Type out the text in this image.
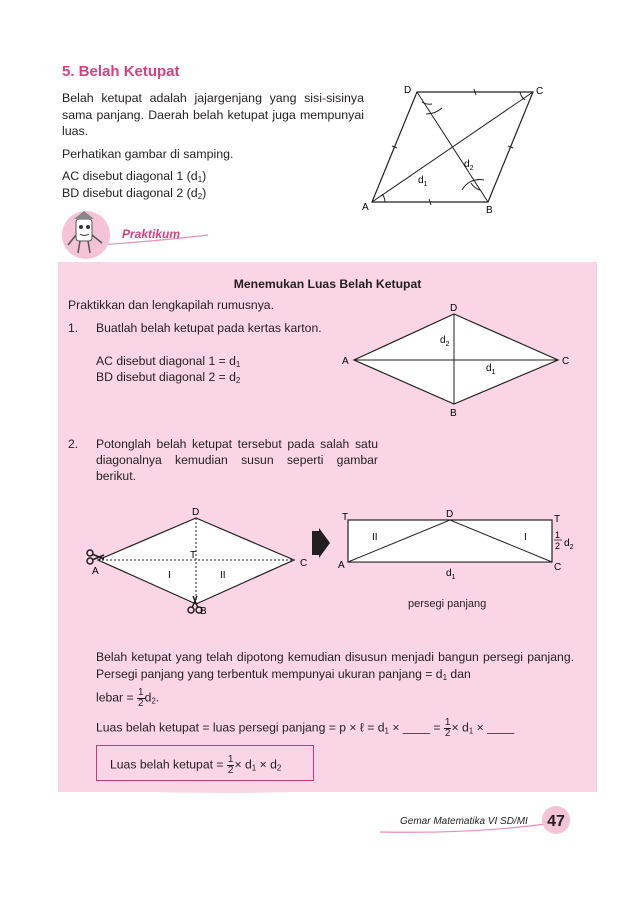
5. Belah Ketupat

Belah ketupat adalah jajargenjang yang sisi-sisinya sama panjang. Daerah belah ketupat juga mempunyai luas.

Perhatikan gambar di samping.

AC disebut diagonal 1 $(d_1)$
BD disebut diagonal 2 $(d_2)$
D	C
A	B
$d_2$
$d_1$
Praktikum
Menemukan Luas Belah Ketupat
Praktikkan dan lengkapilah rumusnya.
1. Buatlah belah ketupat pada kertas karton.
AC disebut diagonal $1 = d_1$
BD disebut diagonal $2 = d_2$
D
A	C
B
$d_2$
$d_1$
2. Potonglah belah ketupat tersebut pada salah satu diagonalnya kemudian susun seperti gambar berikut.
D
A
C
B
T
I	II
T	T
D
A	C
II	I
$d_1$
1
2 $d_2$
persegi panjang
Belah ketupat yang telah dipotong kemudian disusun menjadi bangun persegi panjang. Persegi panjang yang terbentuk mempunyai ukuran panjang = $d_1$ dan
lebar = $\frac{1}{2} d_2$.
Luas belah ketupat = luas persegi panjang = p × ℓ = $d_1$ × ____ = $\frac{1}{2} \times d_1$ × ____
Luas belah ketupat = $\frac{1}{2} \times d_1 \times d_2$
Gemar Matematika VI SD/MI	47
